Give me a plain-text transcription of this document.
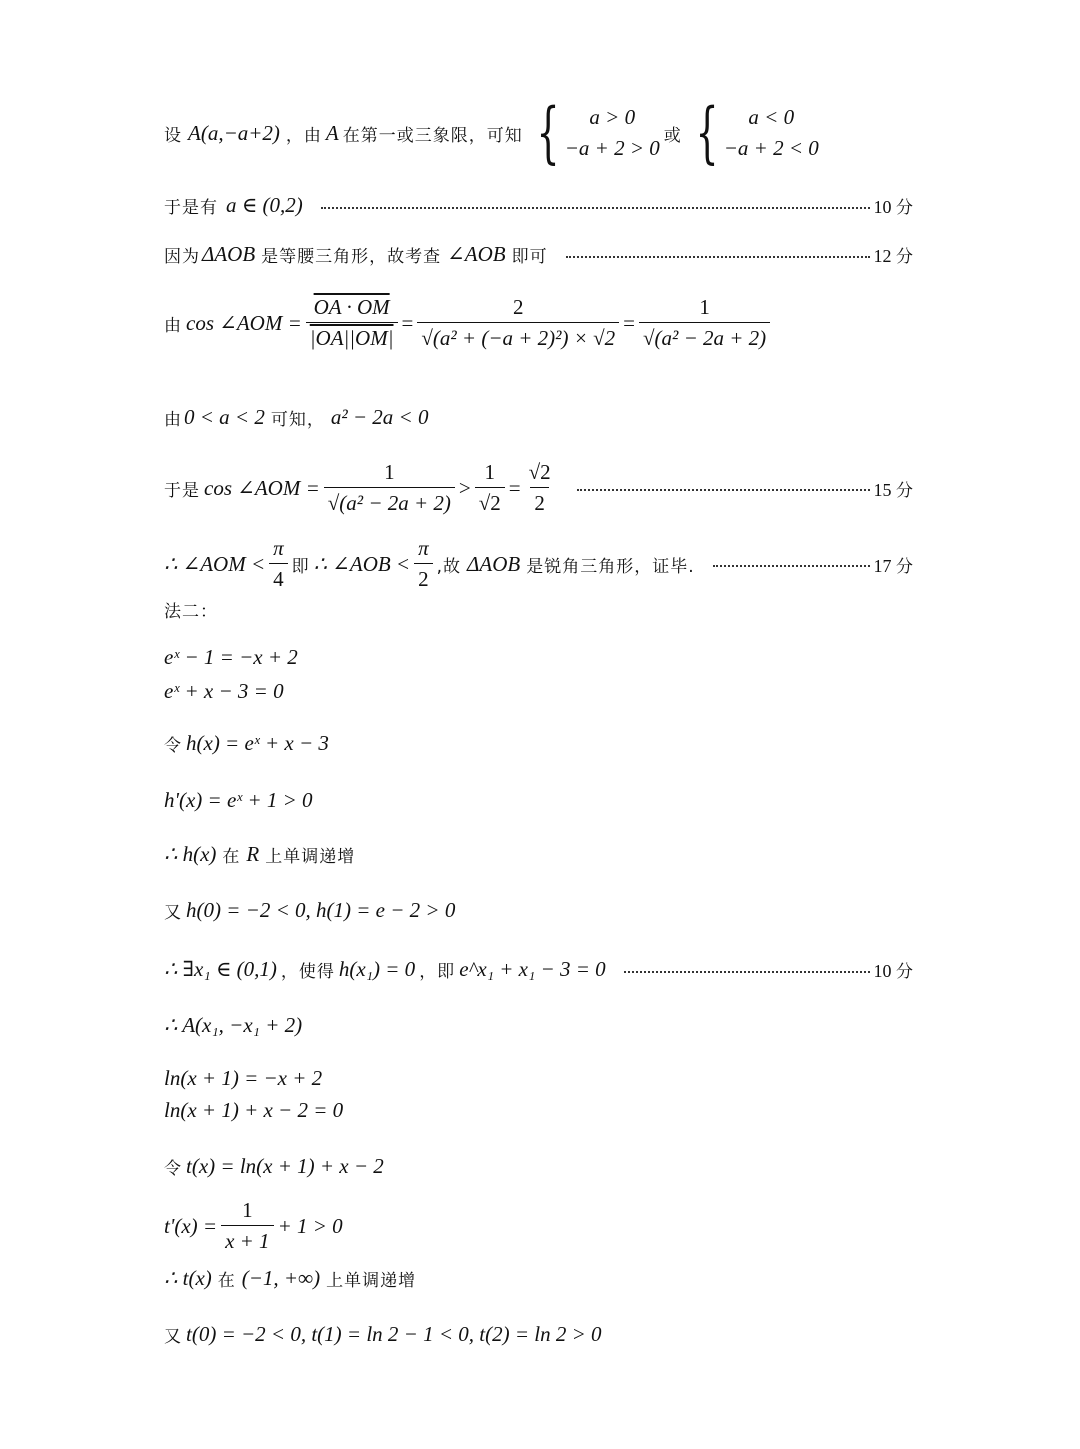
设 A(a,−a+2) ，由 A 在第一或三象限，可知 {	a > 0
−a + 2 > 0
或 {	a < 0
−a + 2 < 0
于是有 a ∈ (0,2)	10 分
因为 ΔAOB 是等腰三角形，故考查 ∠AOB 即可	12 分
由 cos ∠AOM = $\frac{OA \cdot OM}{|OA||OM|} = \frac{2}{\text{√(a² + (−a + 2)²) × √2}} = \frac{1}{\text{√(a² − 2a + 2)}}$
由 0 < a < 2 可知， a² − 2a < 0
于是 cos ∠AOM = $\frac{1}{\text{√(a² − 2a + 2)}} > \frac{1}{√2} = \frac{√2}{2}$	15 分
∴ ∠AOM < $\frac{\pi}{4}$ 即 ∴ ∠AOB < $\frac{\pi}{2}$ ,故 ΔAOB 是锐角三角形，证毕.	17 分
法二：
eˣ − 1 = −x + 2
eˣ + x − 3 = 0
令 h(x) = eˣ + x − 3
h'(x) = eˣ + 1 > 0
∴ h(x) 在 R 上单调递增
又 h(0) = −2 < 0, h(1) = e − 2 > 0
∴ ∃x₁ ∈ (0,1) ，使得 h(x₁) = 0 ，即 e^x₁ + x₁ − 3 = 0	10 分
∴ A(x₁, −x₁ + 2)
ln(x + 1) = −x + 2
ln(x + 1) + x − 2 = 0
令 t(x) = ln(x + 1) + x − 2
$t'(x) = \frac{1}{x + 1} + 1 > 0$
∴ t(x) 在 (−1, +∞) 上单调递增
又 t(0) = −2 < 0, t(1) = ln 2 − 1 < 0, t(2) = ln 2 > 0
